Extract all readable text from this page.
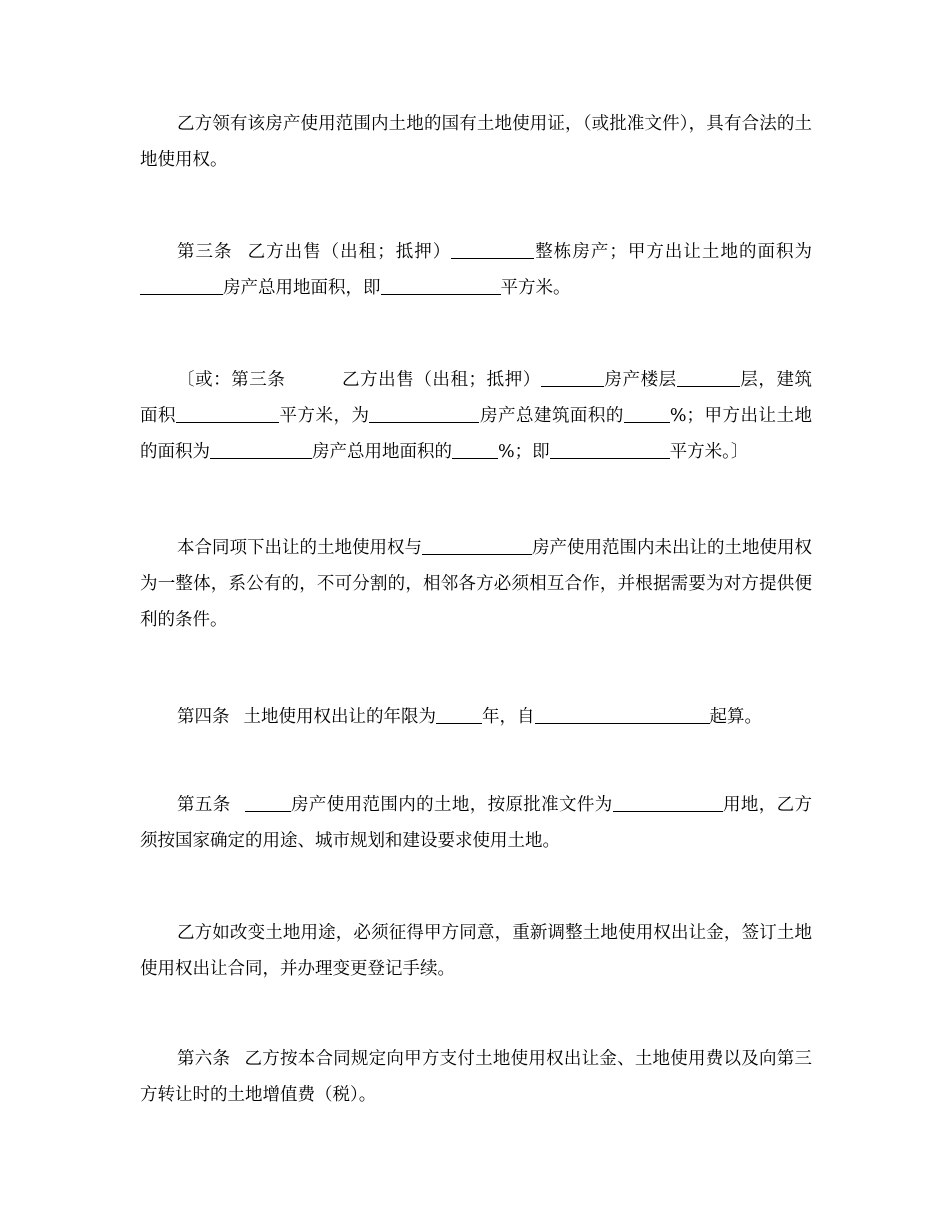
乙方领有该房产使用范围内土地的国有土地使用证，（或批准文件），具有合法的土地使用权。

第三条 乙方出售（出租；抵押）	整栋房产；甲方出让土地的面积为房产总用地面积，即	平方米。

〔或：第三条	乙方出售（出租；抵押）	房产楼层	层，建筑面积	平方米，为	房产总建筑面积的	%；甲方出让土地的面积为	房产总用地面积的	%；即	平方米。〕

本合同项下出让的土地使用权与	房产使用范围内未出让的土地使用权为一整体，系公有的，不可分割的，相邻各方必须相互合作，并根据需要为对方提供便利的条件。

第四条 土地使用权出让的年限为	年，自	起算。

第五条	房产使用范围内的土地，按原批准文件为	用地，乙方须按国家确定的用途、城市规划和建设要求使用土地。

乙方如改变土地用途，必须征得甲方同意，重新调整土地使用权出让金，签订土地使用权出让合同，并办理变更登记手续。

第六条 乙方按本合同规定向甲方支付土地使用权出让金、土地使用费以及向第三方转让时的土地增值费（税）。
